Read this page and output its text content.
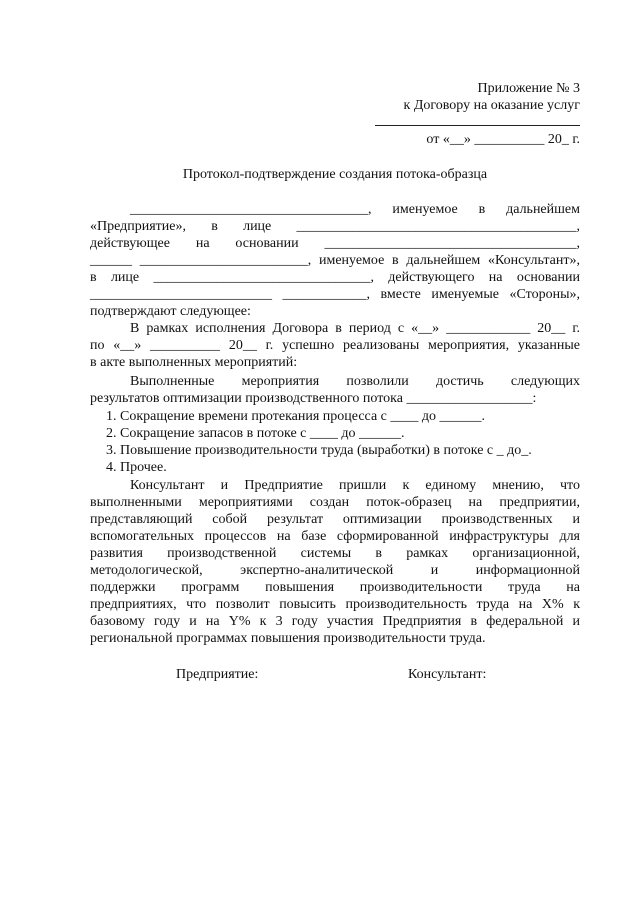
Приложение № 3
к Договору на оказание услуг
от «__» __________ 20_ г.
Протокол-подтверждение создания потока-образца
__________________________________, именуемое в дальнейшем
«Предприятие», в лице ________________________________________,
действующее на основании ____________________________________,
______ ________________________, именуемое в дальнейшем «Консультант»,
в лице _______________________________, действующего на основании
__________________________ ____________, вместе именуемые «Стороны»,
подтверждают следующее:
В рамках исполнения Договора в период с «__» ____________ 20__ г.
по «__» __________ 20__ г. успешно реализованы мероприятия, указанные
в акте выполненных мероприятий:
Выполненные мероприятия позволили достичь следующих
результатов оптимизации производственного потока __________________:
1. Сокращение времени протекания процесса с ____ до ______.
2. Сокращение запасов в потоке с ____ до ______.
3. Повышение производительности труда (выработки) в потоке с _ до_.
4. Прочее.
Консультант и Предприятие пришли к единому мнению, что
выполненными мероприятиями создан поток-образец на предприятии,
представляющий собой результат оптимизации производственных и
вспомогательных процессов на базе сформированной инфраструктуры для
развития производственной системы в рамках организационной,
методологической, экспертно-аналитической и информационной
поддержки программ повышения производительности труда на
предприятиях, что позволит повысить производительность труда на Х% к
базовому году и на Y% к 3 году участия Предприятия в федеральной и
региональной программах повышения производительности труда.
Предприятие:	Консультант:
